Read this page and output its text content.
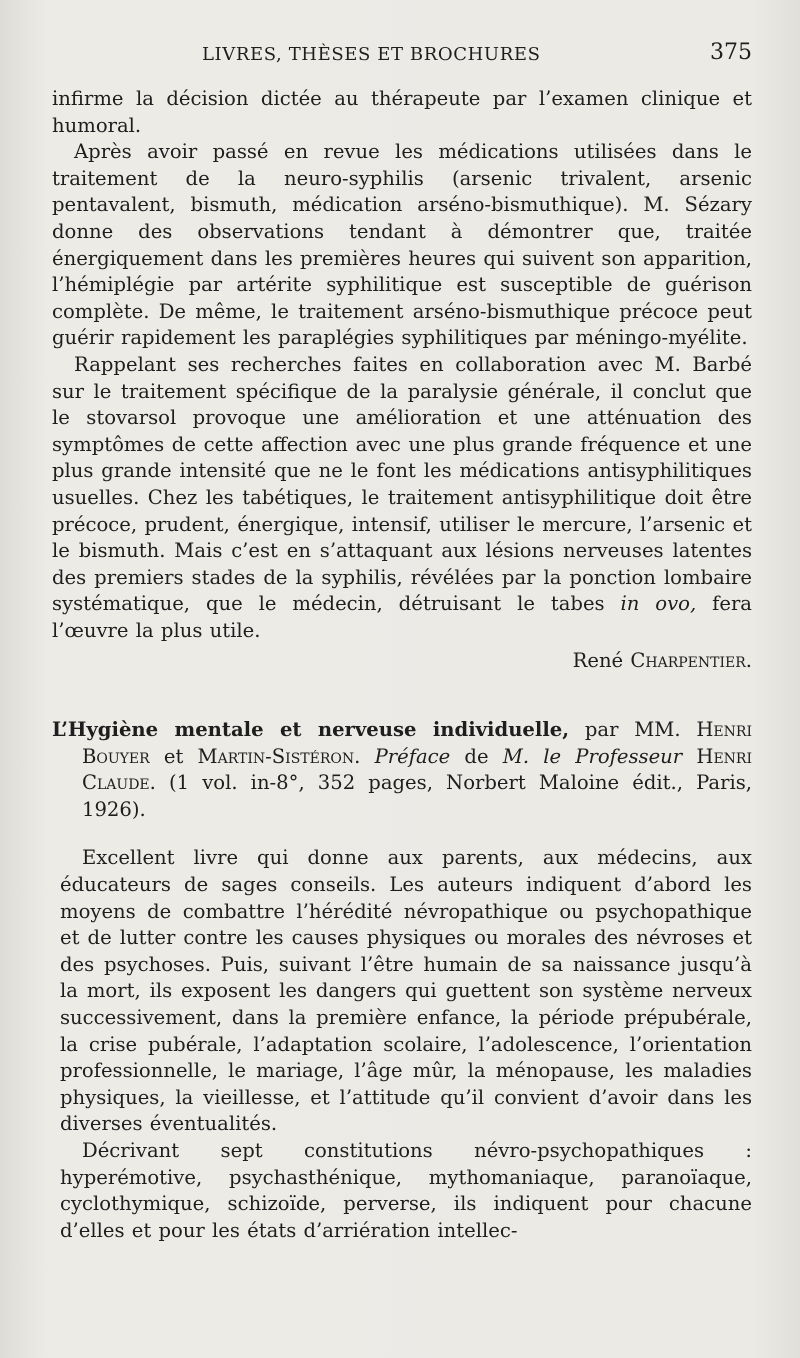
LIVRES, THÈSES ET BROCHURES	375

infirme la décision dictée au thérapeute par l’examen clinique et humoral.

Après avoir passé en revue les médications utilisées dans le traitement de la neuro-syphilis (arsenic trivalent, arsenic pentavalent, bismuth, médication arséno-bismuthique). M. Sézary donne des observations tendant à démontrer que, traitée énergiquement dans les premières heures qui suivent son apparition, l’hémiplégie par artérite syphilitique est susceptible de guérison complète. De même, le traitement arséno-bismuthique précoce peut guérir rapidement les paraplégies syphilitiques par méningo-myélite.

Rappelant ses recherches faites en collaboration avec M. Barbé sur le traitement spécifique de la paralysie générale, il conclut que le stovarsol provoque une amélioration et une atténuation des symptômes de cette affection avec une plus grande fréquence et une plus grande intensité que ne le font les médications antisyphilitiques usuelles. Chez les tabétiques, le traitement antisyphilitique doit être précoce, prudent, énergique, intensif, utiliser le mercure, l’arsenic et le bismuth. Mais c’est en s’attaquant aux lésions nerveuses latentes des premiers stades de la syphilis, révélées par la ponction lombaire systématique, que le médecin, détruisant le tabes in ovo, fera l’œuvre la plus utile.

René Charpentier.

L’Hygiène mentale et nerveuse individuelle, par MM. Henri Bouyer et Martin-Sistéron. Préface de M. le Professeur Henri Claude. (1 vol. in-8°, 352 pages, Norbert Maloine édit., Paris, 1926).

Excellent livre qui donne aux parents, aux médecins, aux éducateurs de sages conseils. Les auteurs indiquent d’abord les moyens de combattre l’hérédité névropathique ou psychopathique et de lutter contre les causes physiques ou morales des névroses et des psychoses. Puis, suivant l’être humain de sa naissance jusqu’à la mort, ils exposent les dangers qui guettent son système nerveux successivement, dans la première enfance, la période prépubérale, la crise pubérale, l’adaptation scolaire, l’adolescence, l’orientation professionnelle, le mariage, l’âge mûr, la ménopause, les maladies physiques, la vieillesse, et l’attitude qu’il convient d’avoir dans les diverses éventualités.

Décrivant sept constitutions névro-psychopathiques : hyperémotive, psychasthénique, mythomaniaque, paranoïaque, cyclothymique, schizoïde, perverse, ils indiquent pour chacune d’elles et pour les états d’arriération intellec-
